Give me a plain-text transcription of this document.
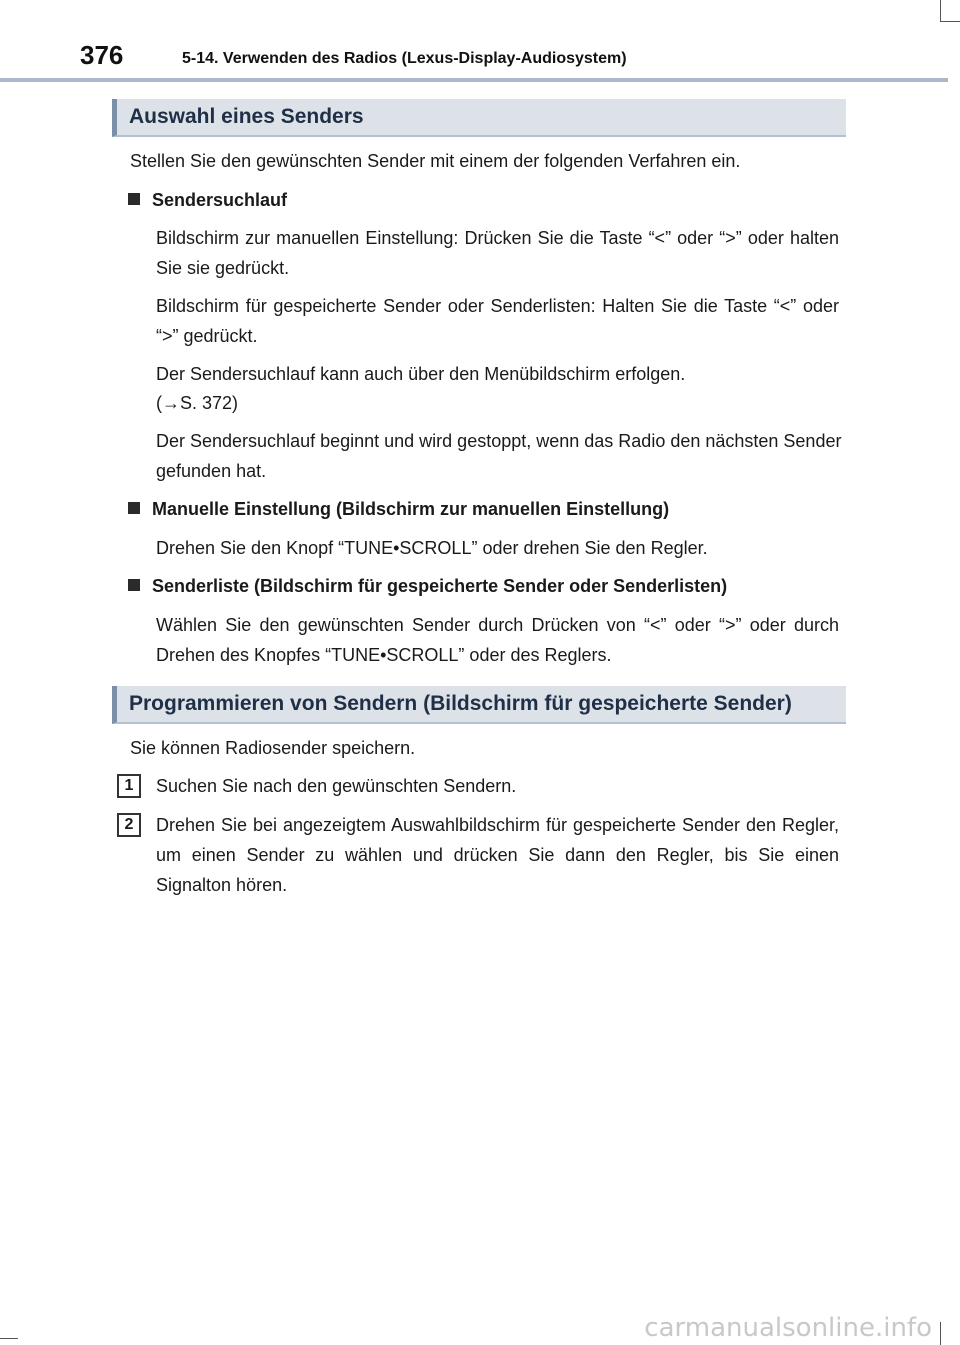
376	5-14. Verwenden des Radios (Lexus-Display-Audiosystem)
Auswahl eines Senders

Stellen Sie den gewünschten Sender mit einem der folgenden Verfahren ein.

Sendersuchlauf

Bildschirm zur manuellen Einstellung: Drücken Sie die Taste “<” oder “>” oder halten Sie sie gedrückt.

Bildschirm für gespeicherte Sender oder Senderlisten: Halten Sie die Taste “<” oder “>” gedrückt.

Der Sendersuchlauf kann auch über den Menübildschirm erfolgen.

(→S. 372)

Der Sendersuchlauf beginnt und wird gestoppt, wenn das Radio den nächsten Sender gefunden hat.

Manuelle Einstellung (Bildschirm zur manuellen Einstellung)

Drehen Sie den Knopf “TUNE•SCROLL” oder drehen Sie den Regler.

Senderliste (Bildschirm für gespeicherte Sender oder Senderlisten)

Wählen Sie den gewünschten Sender durch Drücken von “<” oder “>” oder durch Drehen des Knopfes “TUNE•SCROLL” oder des Reglers.

Programmieren von Sendern (Bildschirm für gespeicherte Sender)

Sie können Radiosender speichern.

1	Suchen Sie nach den gewünschten Sendern.

2	Drehen Sie bei angezeigtem Auswahlbildschirm für gespeicherte Sender den Regler, um einen Sender zu wählen und drücken Sie dann den Regler, bis Sie einen Signalton hören.

carmanualsonline.info
